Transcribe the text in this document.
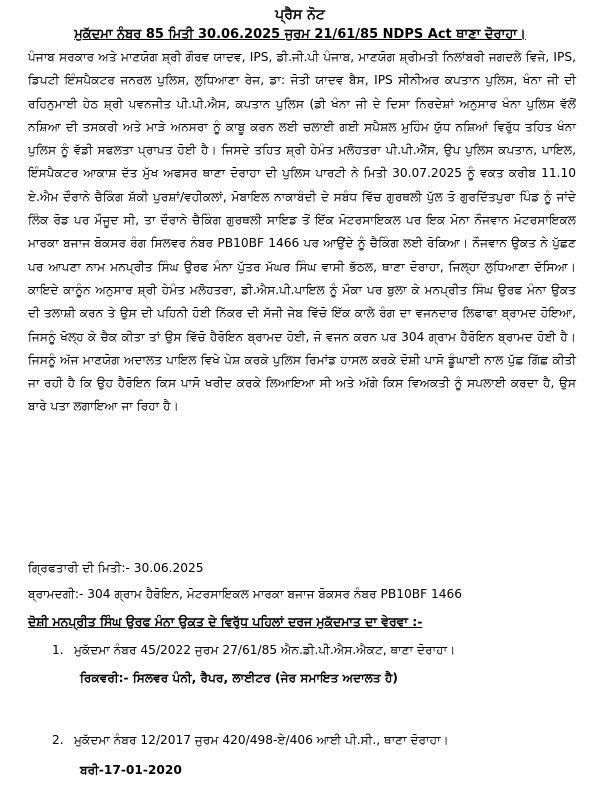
ਪ੍ਰੈਸ ਨੋਟ
ਮੁਕੱਦਮਾ ਨੰਬਰ 85 ਮਿਤੀ 30.06.2025 ਜੁਰਮ 21/61/85 NDPS Act ਥਾਣਾ ਦੋਰਾਹਾ।

ਪੰਜਾਬ ਸਰਕਾਰ ਅਤੇ ਮਾਣਯੋਗ ਸ਼੍ਰੀ ਗੌਰਵ ਯਾਦਵ, IPS, ਡੀ.ਜੀ.ਪੀ ਪੰਜਾਬ, ਮਾਣਯੋਗ ਸ਼੍ਰੀਮਤੀ ਨਿਲਾਂਬਰੀ ਜਗਦਲੇ ਵਿਜੇ, IPS, ਡਿਪਟੀ ਇੰਸਪੈਕਟਰ ਜਨਰਲ ਪੁਲਿਸ, ਲੁਧਿਆਣਾ ਰੇਜ, ਡਾ: ਜੋਤੀ ਯਾਦਵ ਬੈਸ, IPS ਸੀਨੀਅਰ ਕਪਤਾਨ ਪੁਲਿਸ, ਖੰਨਾ ਜੀ ਦੀ ਰਹਿਨੁਮਾਈ ਹੇਠ ਸ਼੍ਰੀ ਪਵਨਜੀਤ ਪੀ.ਪੀ.ਐਸ, ਕਪਤਾਨ ਪੁਲਿਸ (ਡੀ ਖੰਨਾ ਜੀ ਦੇ ਦਿਸਾ ਨਿਰਦੇਸ਼ਾਂ ਅਨੁਸਾਰ ਖੰਨਾ ਪੁਲਿਸ ਵੱਲੋਂ ਨਸ਼ਿਆ ਦੀ ਤਸਕਰੀ ਅਤੇ ਮਾੜੇ ਅਨਸਰਾ ਨੂੰ ਕਾਬੂ ਕਰਨ ਲਈ ਚਲਾਈ ਗਈ ਸਪੈਸ਼ਲ ਮੁਹਿੰਮ ਯੁੱਧ ਨਸ਼ਿਆਂ ਵਿਰੁੱਧ ਤਹਿਤ ਖੰਨਾ ਪੁਲਿਸ ਨੂੰ ਵੱਡੀ ਸਫਲਤਾ ਪ੍ਰਾਪਤ ਹੋਈ ਹੈ। ਜਿਸਦੇ ਤਹਿਤ ਸ਼੍ਰੀ ਹੇਮੰਤ ਮਲੋਹਤਰਾ ਪੀ.ਪੀ.ਐੱਸ, ਉਪ ਪੁਲਿਸ ਕਪਤਾਨ, ਪਾਇਲ, ਇੰਸਪੈਕਟਰ ਆਕਾਸ਼ ਦੱਤ ਮੁੱਖ ਅਫਸਰ ਥਾਣਾ ਦੋਰਾਹਾ ਦੀ ਪੁਲਿਸ ਪਾਰਟੀ ਨੇ ਮਿਤੀ 30.07.2025 ਨੂੰ ਵਕਤ ਕਰੀਬ 11.10 ਏ.ਐਮ ਦੌਰਾਨੇ ਚੈਕਿੰਗ ਸ਼ੱਕੀ ਪੁਰਸ਼ਾਂ/ਵਹੀਕਲਾਂ, ਮੋਬਾਇਲ ਨਾਕਾਬੰਦੀ ਦੇ ਸਬੰਧ ਵਿੱਚ ਗੁਰਥਲੀ ਪੁੱਲ ਤੋ ਗੁਰਦਿੱਤਪੁਰਾ ਪਿੰਡ ਨੂੰ ਜਾਂਦੇ ਲਿੰਕ ਰੋਡ ਪਰ ਮੌਜੂਦ ਸੀ, ਤਾ ਦੌਰਾਨੇ ਚੈਕਿੰਗ ਗੁਰਥਲੀ ਸਾਇਡ ਤੋਂ ਇੱਕ ਮੋਟਰਸਾਇਕਲ ਪਰ ਇਕ ਮੋਨਾ ਨੌਜਵਾਨ ਮੋਟਰਸਾਇਕਲ ਮਾਰਕਾ ਬਜਾਜ ਬੋਕਸਰ ਰੰਗ ਸਿਲਵਰ ਨੰਬਰ PB10BF 1466 ਪਰ ਆਉਂਦੇ ਨੂੰ ਚੈਕਿੰਗ ਲਈ ਰੋਕਿਆ। ਨੌਜਵਾਨ ਉਕਤ ਨੇ ਪੁੱਛਣ ਪਰ ਆਪਣਾ ਨਾਮ ਮਨਪ੍ਰੀਤ ਸਿੰਘ ਉਰਫ ਮੰਨਾ ਪੁੱਤਰ ਮੱਘਰ ਸਿੰਘ ਵਾਸੀ ਭੱਠਲ, ਥਾਣਾ ਦੋਰਾਹਾ, ਜਿਲ੍ਹਾ ਲੁਧਿਆਣਾ ਦੱਸਿਆ। ਕਾਇਦੇ ਕਾਨੂੰਨ ਅਨੁਸਾਰ ਸ਼੍ਰੀ ਹੇਮੰਤ ਮਲੋਹਤਰਾ, ਡੀ.ਐਸ.ਪੀ.ਪਾਇਲ ਨੂੰ ਮੌਕਾ ਪਰ ਬੁਲਾ ਕੇ ਮਨਪ੍ਰੀਤ ਸਿੰਘ ਉਰਫ ਮੰਨਾ ਉਕਤ ਦੀ ਤਲਾਸ਼ੀ ਕਰਨ ਤੇ ਉਸ ਦੀ ਪਹਿਨੀ ਹੋਈ ਨਿੱਕਰ ਦੀ ਸੱਜੀ ਜੇਬ ਵਿੱਚੋ ਇੱਕ ਕਾਲੇ ਰੰਗ ਦਾ ਵਜਨਦਾਰ ਲਿਫਾਫਾ ਬ੍ਰਾਮਦ ਹੋਇਆ, ਜਿਸਨੂੰ ਖੋਲ੍ਹ ਕੇ ਚੈਕ ਕੀਤਾ ਤਾਂ ਉਸ ਵਿੱਚੋ ਹੈਰੋਇਨ ਬ੍ਰਾਮਦ ਹੋਈ, ਜੋ ਵਜਨ ਕਰਨ ਪਰ 304 ਗ੍ਰਾਮ ਹੈਰੋਇਨ ਬ੍ਰਾਮਦ ਹੋਈ ਹੈ। ਜਿਸਨੂੰ ਅੱਜ ਮਾਣਯੋਗ ਅਦਾਲਤ ਪਾਇਲ ਵਿਖੇ ਪੇਸ਼ ਕਰਕੇ ਪੁਲਿਸ ਰਿਮਾਂਡ ਹਾਸਲ ਕਰਕੇ ਦੋਸ਼ੀ ਪਾਸੋ ਡੂੰਘਾਈ ਨਾਲ ਪੁੱਛ ਗਿੱਛ ਕੀਤੀ ਜਾ ਰਹੀ ਹੈ ਕਿ ਉਹ ਹੈਰੋਇਨ ਕਿਸ ਪਾਸੋ ਖਰੀਦ ਕਰਕੇ ਲਿਆਇਆ ਸੀ ਅਤੇ ਅੱਗੇ ਕਿਸ ਵਿਅਕਤੀ ਨੂੰ ਸਪਲਾਈ ਕਰਦਾ ਹੈ, ਉਸ ਬਾਰੇ ਪਤਾ ਲਗਾਇਆ ਜਾ ਰਿਹਾ ਹੈ।

ਗ੍ਰਿਫਤਾਰੀ ਦੀ ਮਿਤੀ:- 30.06.2025

ਬ੍ਰਾਮਦਗੀ:- 304 ਗ੍ਰਾਮ ਹੈਰੋਇਨ, ਮੋਟਰਸਾਇਕਲ ਮਾਰਕਾ ਬਜਾਜ ਬੋਕਸਰ ਨੰਬਰ PB10BF 1466

ਦੋਸ਼ੀ ਮਨਪ੍ਰੀਤ ਸਿੰਘ ਉਰਫ ਮੰਨਾ ਉਕਤ ਦੇ ਵਿਰੁੱਧ ਪਹਿਲਾਂ ਦਰਜ ਮੁਕੱਦਮਾਤ ਦਾ ਵੇਰਵਾ :-
1. ਮੁਕੱਦਮਾ ਨੰਬਰ 45/2022 ਜੁਰਮ 27/61/85 ਐਨ.ਡੀ.ਪੀ.ਐਸ.ਐਕਟ, ਥਾਣਾ ਦੋਰਾਹਾ।
ਰਿਕਵਰੀ:- ਸਿਲਵਰ ਪੰਨੀ, ਰੈਪਰ, ਲਾਈਟਰ (ਜੇਰ ਸਮਾਇਤ ਅਦਾਲਤ ਹੈ)
2. ਮੁਕੱਦਮਾ ਨੰਬਰ 12/2017 ਜੁਰਮ 420/498-ਏ/406 ਆਈ ਪੀ.ਸੀ., ਥਾਣਾ ਦੋਰਾਹਾ।
ਬਰੀ-17-01-2020
